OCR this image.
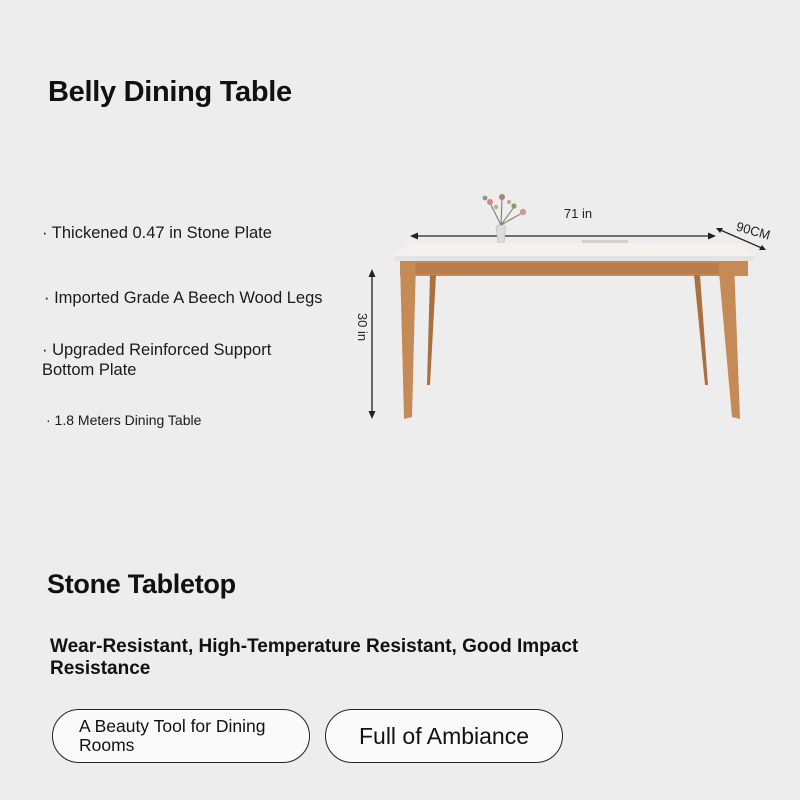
Belly Dining Table
· Thickened 0.47 in Stone Plate
· Imported Grade A Beech Wood Legs
· Upgraded Reinforced Support Bottom Plate
· 1.8 Meters Dining Table
71 in
90CM
30 in
Stone Tabletop
Wear-Resistant, High-Temperature Resistant, Good Impact Resistance
A Beauty Tool for Dining Rooms	Full of Ambiance
